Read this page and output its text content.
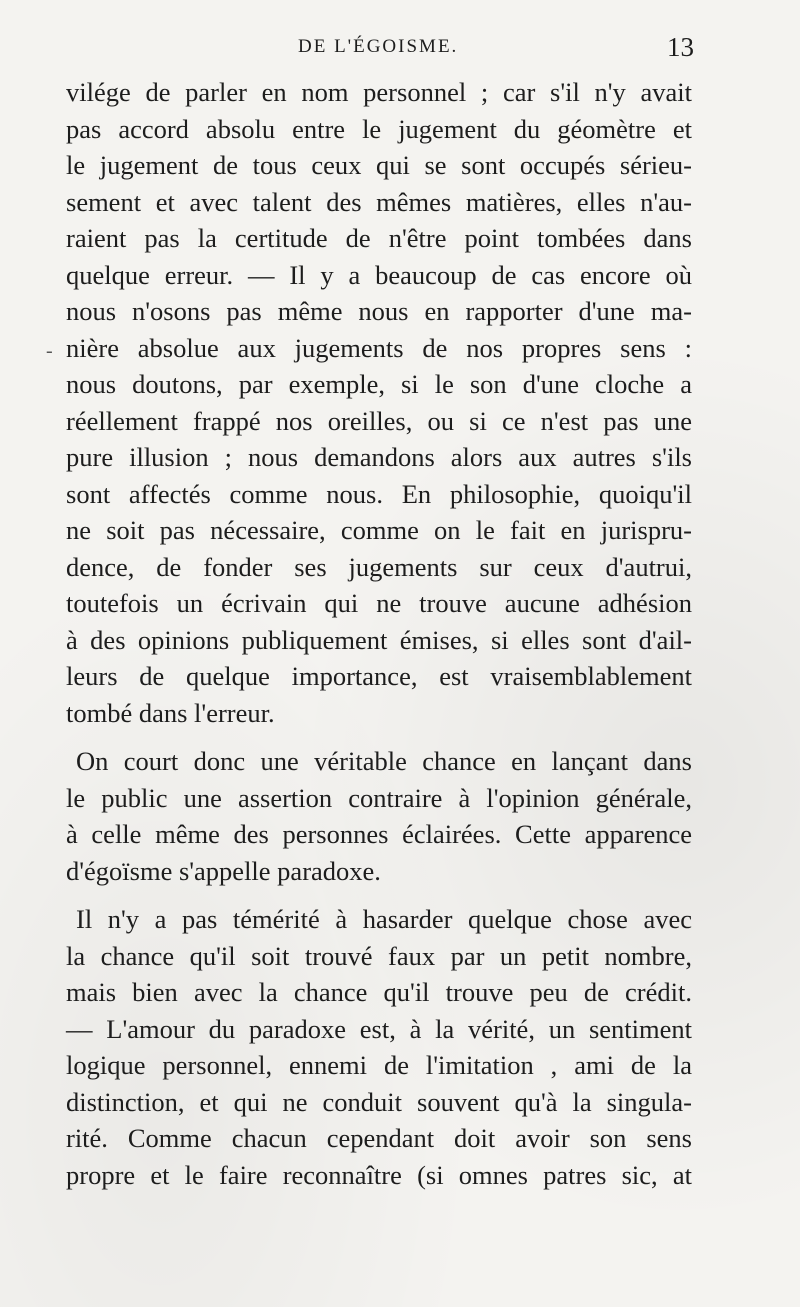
DE L'ÉGOISME.	13
-
vilége de parler en nom personnel ; car s'il n'y avait
pas accord absolu entre le jugement du géomètre et
le jugement de tous ceux qui se sont occupés sérieu-
sement et avec talent des mêmes matières, elles n'au-
raient pas la certitude de n'être point tombées dans
quelque erreur. — Il y a beaucoup de cas encore où
nous n'osons pas même nous en rapporter d'une ma-
nière absolue aux jugements de nos propres sens :
nous doutons, par exemple, si le son d'une cloche a
réellement frappé nos oreilles, ou si ce n'est pas une
pure illusion ; nous demandons alors aux autres s'ils
sont affectés comme nous. En philosophie, quoiqu'il
ne soit pas nécessaire, comme on le fait en jurispru-
dence, de fonder ses jugements sur ceux d'autrui,
toutefois un écrivain qui ne trouve aucune adhésion
à des opinions publiquement émises, si elles sont d'ail-
leurs de quelque importance, est vraisemblablement
tombé dans l'erreur.
On court donc une véritable chance en lançant dans
le public une assertion contraire à l'opinion générale,
à celle même des personnes éclairées. Cette apparence
d'égoïsme s'appelle paradoxe.
Il n'y a pas témérité à hasarder quelque chose avec
la chance qu'il soit trouvé faux par un petit nombre,
mais bien avec la chance qu'il trouve peu de crédit.
— L'amour du paradoxe est, à la vérité, un sentiment
logique personnel, ennemi de l'imitation , ami de la
distinction, et qui ne conduit souvent qu'à la singula-
rité. Comme chacun cependant doit avoir son sens
propre et le faire reconnaître (si omnes patres sic, at
